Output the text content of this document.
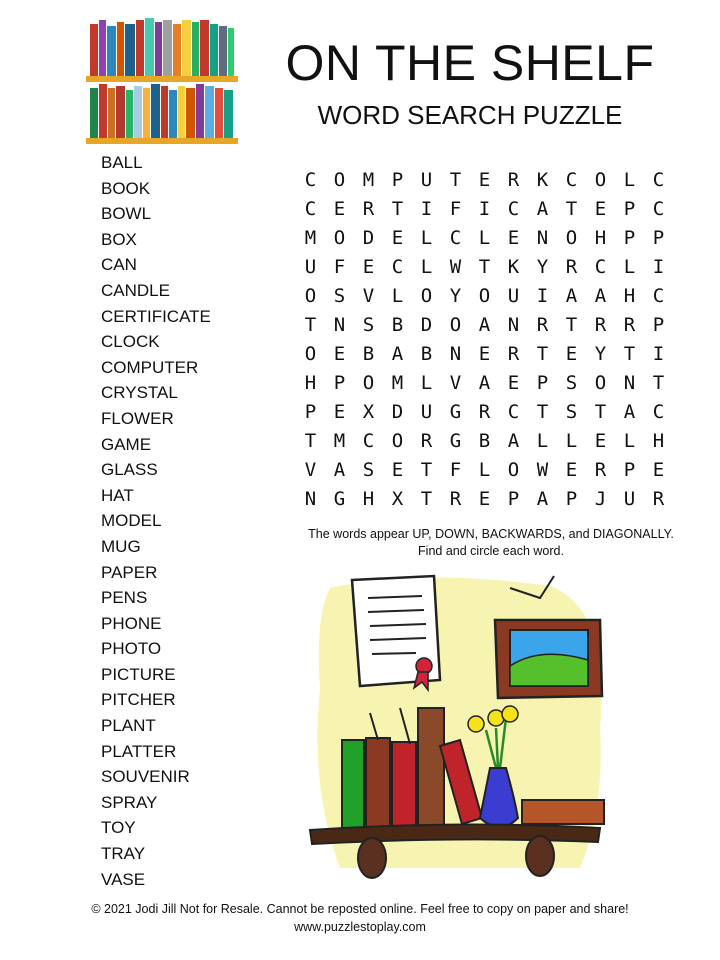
ON THE SHELF
WORD SEARCH PUZZLE
BALL
BOOK
BOWL
BOX
CAN
CANDLE
CERTIFICATE
CLOCK
COMPUTER
CRYSTAL
FLOWER
GAME
GLASS
HAT
MODEL
MUG
PAPER
PENS
PHONE
PHOTO
PICTURE
PITCHER
PLANT
PLATTER
SOUVENIR
SPRAY
TOY
TRAY
VASE
C O M P U T E R K C O L C
C E R T I F I C A T E P C
M O D E L C L E N O H P P
U F E C L W T K Y R C L I
O S V L O Y O U I A A H C
T N S B D O A N R T R R P
O E B A B N E R T E Y T I
H P O M L V A E P S O N T
P E X D U G R C T S T A C
T M C O R G B A L L E L H
V A S E T F L O W E R P E
N G H X T R E P A P J U R
The words appear UP, DOWN, BACKWARDS, and DIAGONALLY.
Find and circle each word.
© 2021 Jodi Jill Not for Resale. Cannot be reposted online. Feel free to copy on paper and share!
www.puzzlestoplay.com
